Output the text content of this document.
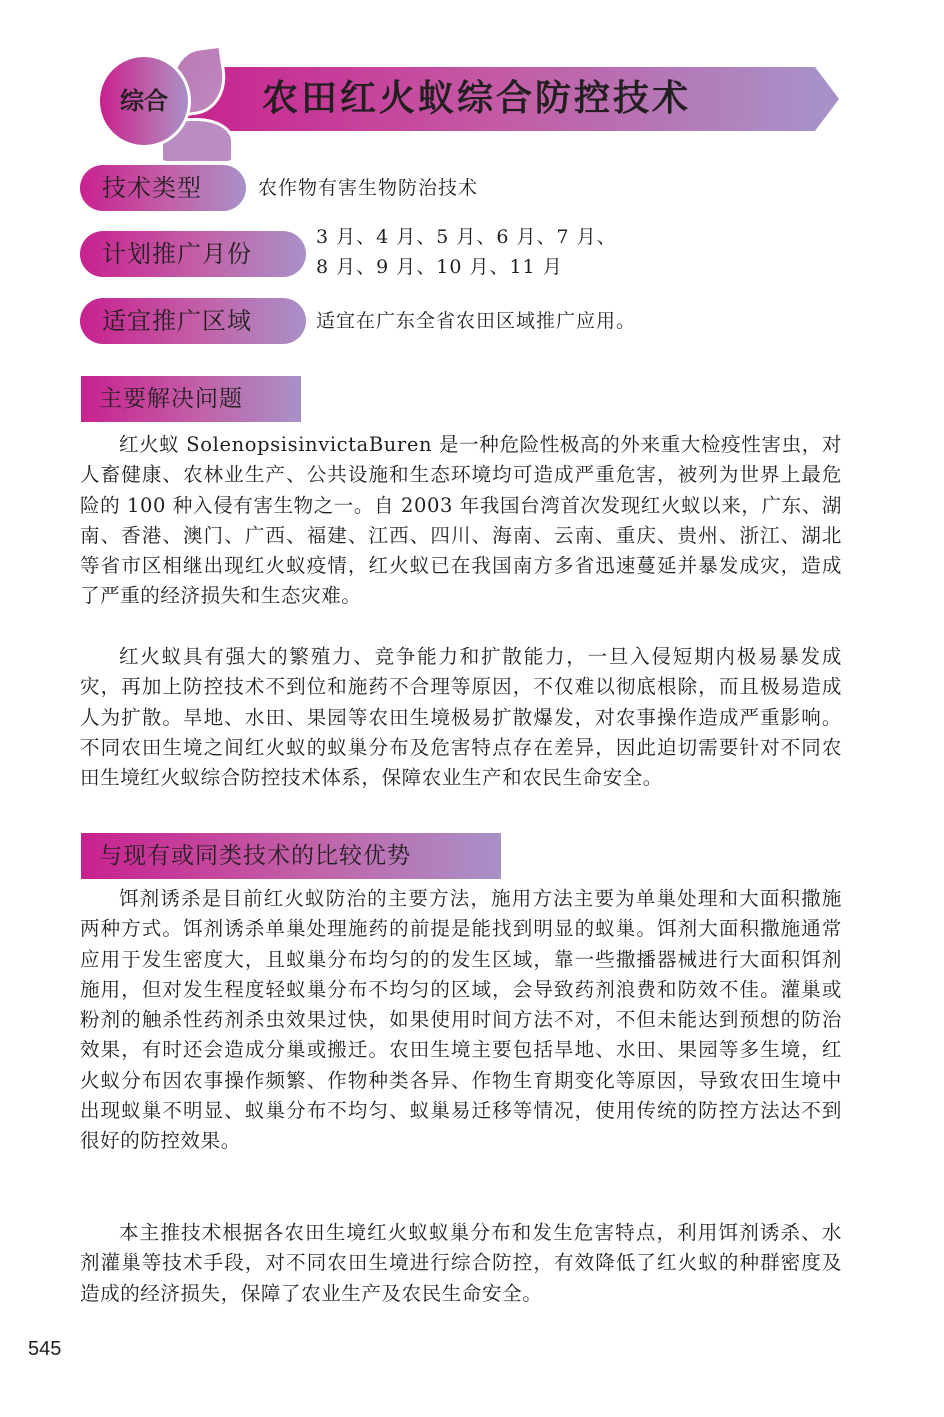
综合	农田红火蚁综合防控技术
技术类型	农作物有害生物防治技术
计划推广月份
3 月、4 月、5 月、6 月、7 月、
8 月、9 月、10 月、11 月
适宜推广区域	适宜在广东全省农田区域推广应用。
主要解决问题

红火蚁 SolenopsisinvictaBuren 是一种危险性极高的外来重大检疫性害虫，对人畜健康、农林业生产、公共设施和生态环境均可造成严重危害，被列为世界上最危险的 100 种入侵有害生物之一。自 2003 年我国台湾首次发现红火蚁以来，广东、湖南、香港、澳门、广西、福建、江西、四川、海南、云南、重庆、贵州、浙江、湖北等省市区相继出现红火蚁疫情，红火蚁已在我国南方多省迅速蔓延并暴发成灾，造成了严重的经济损失和生态灾难。

红火蚁具有强大的繁殖力、竞争能力和扩散能力，一旦入侵短期内极易暴发成灾，再加上防控技术不到位和施药不合理等原因，不仅难以彻底根除，而且极易造成人为扩散。旱地、水田、果园等农田生境极易扩散爆发，对农事操作造成严重影响。不同农田生境之间红火蚁的蚁巢分布及危害特点存在差异，因此迫切需要针对不同农田生境红火蚁综合防控技术体系，保障农业生产和农民生命安全。

与现有或同类技术的比较优势

饵剂诱杀是目前红火蚁防治的主要方法，施用方法主要为单巢处理和大面积撒施两种方式。饵剂诱杀单巢处理施药的前提是能找到明显的蚁巢。饵剂大面积撒施通常应用于发生密度大，且蚁巢分布均匀的的发生区域，靠一些撒播器械进行大面积饵剂施用，但对发生程度轻蚁巢分布不均匀的区域，会导致药剂浪费和防效不佳。灌巢或粉剂的触杀性药剂杀虫效果过快，如果使用时间方法不对，不但未能达到预想的防治效果，有时还会造成分巢或搬迁。农田生境主要包括旱地、水田、果园等多生境，红火蚁分布因农事操作频繁、作物种类各异、作物生育期变化等原因，导致农田生境中出现蚁巢不明显、蚁巢分布不均匀、蚁巢易迁移等情况，使用传统的防控方法达不到很好的防控效果。

本主推技术根据各农田生境红火蚁蚁巢分布和发生危害特点，利用饵剂诱杀、水剂灌巢等技术手段，对不同农田生境进行综合防控，有效降低了红火蚁的种群密度及造成的经济损失，保障了农业生产及农民生命安全。

545
